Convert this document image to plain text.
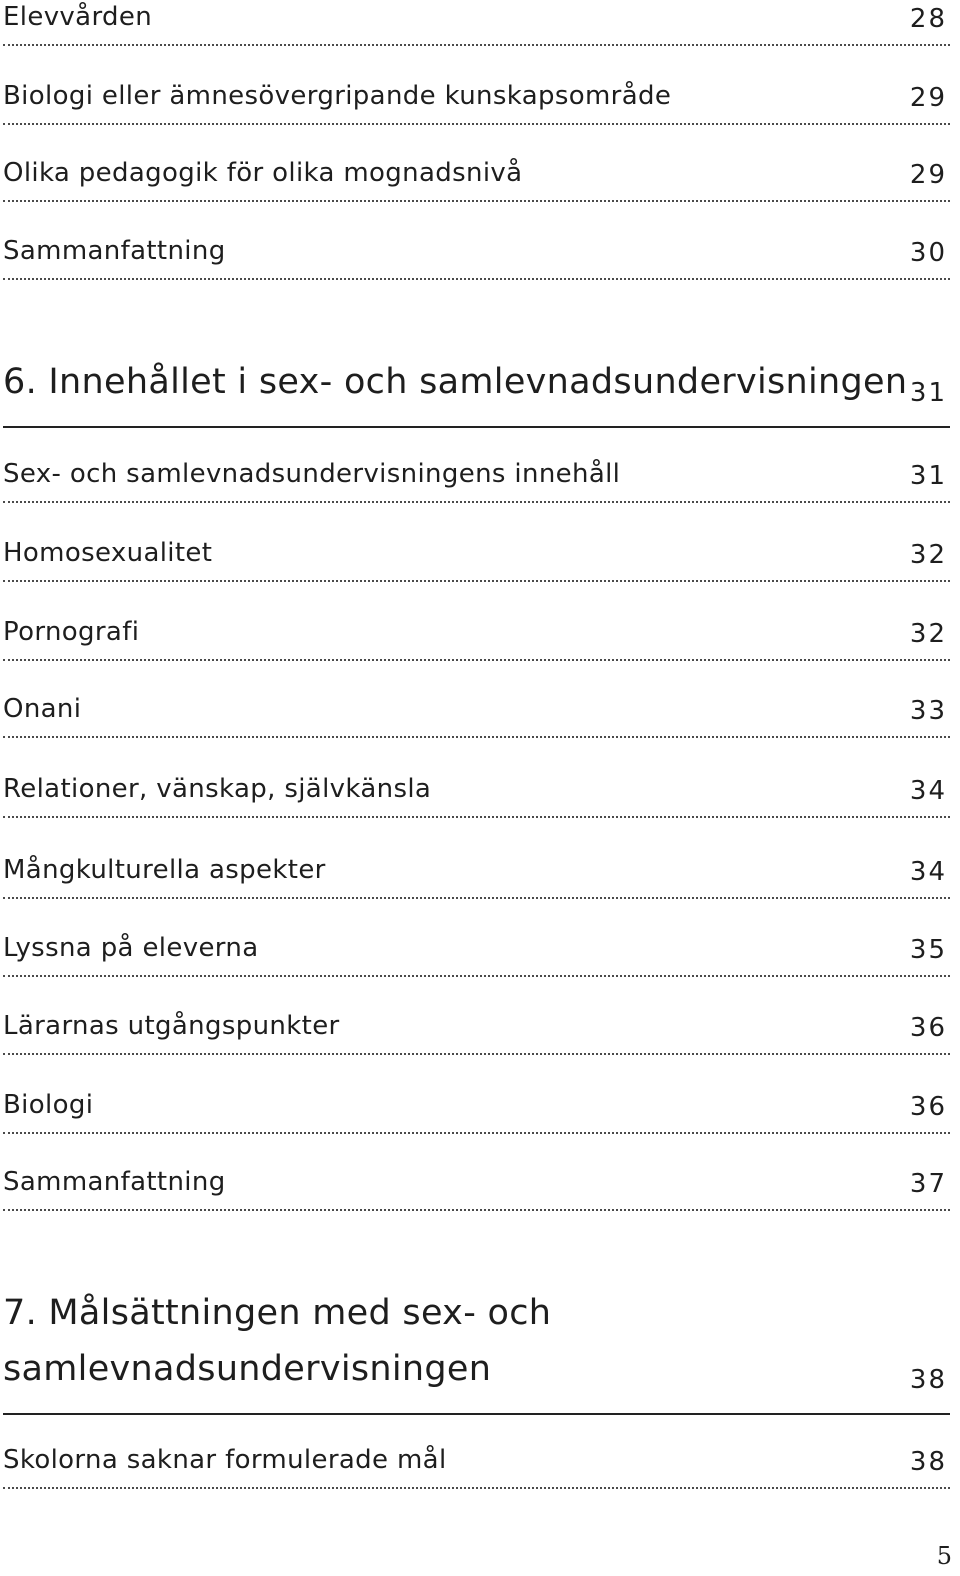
Elevvården	28
Biologi eller ämnesövergripande kunskapsområde	29
Olika pedagogik för olika mognadsnivå	29
Sammanfattning	30
6. Innehållet i sex- och samlevnadsundervisningen 31
Sex- och samlevnadsundervisningens innehåll	31
Homosexualitet	32
Pornografi	32
Onani	33
Relationer, vänskap, självkänsla	34
Mångkulturella aspekter	34
Lyssna på eleverna	35
Lärarnas utgångspunkter	36
Biologi	36
Sammanfattning	37
7. Målsättningen med sex- och
samlevnadsundervisningen	38
Skolorna saknar formulerade mål	38
5
